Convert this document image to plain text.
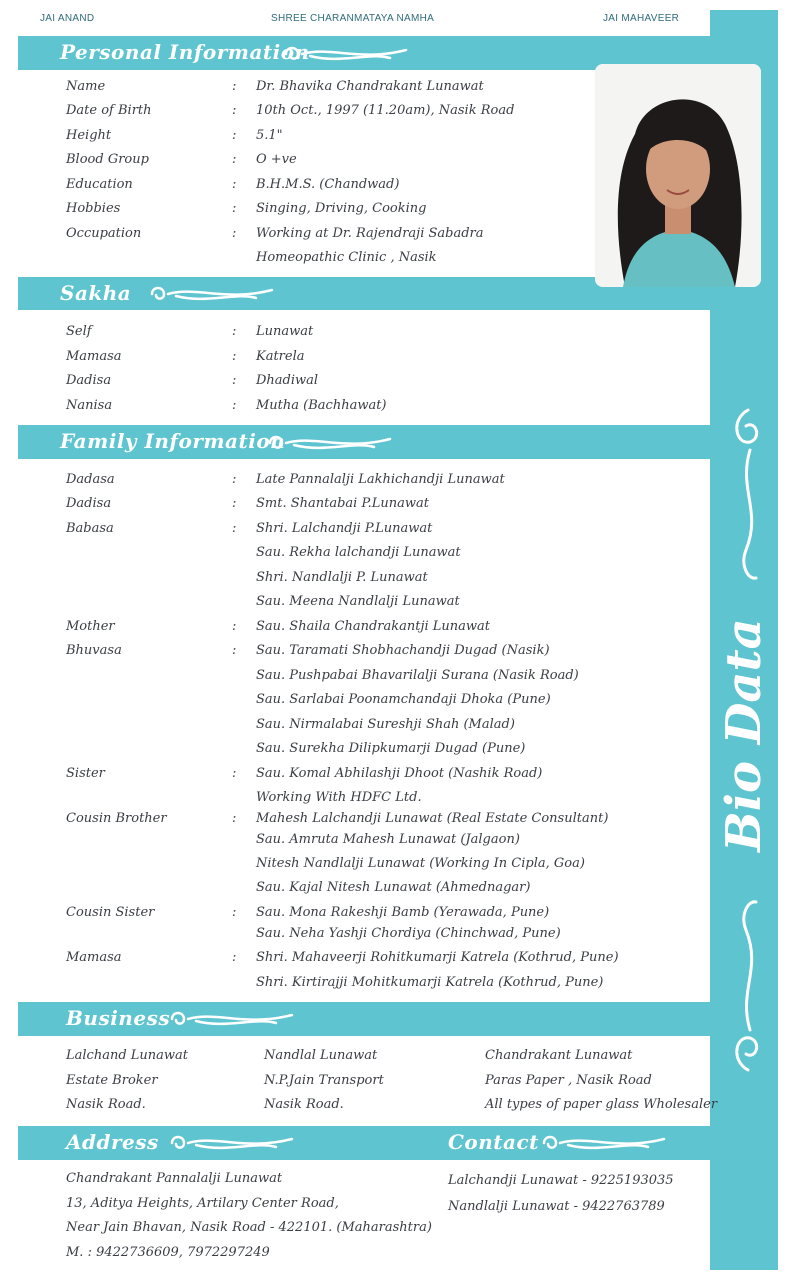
JAI ANAND	SHREE CHARANMATAYA NAMHA	JAI MAHAVEER
Bio Data
Personal Information
Sakha
Family Information
Business
Address	Contact
Name	: Dr. Bhavika Chandrakant Lunawat
Date of Birth	: 10th Oct., 1997 (11.20am), Nasik Road
Height	: 5.1"
Blood Group	: O +ve
Education	: B.H.M.S. (Chandwad)
Hobbies	: Singing, Driving, Cooking
Occupation	: Working at Dr. Rajendraji Sabadra
Homeopathic Clinic , Nasik
Self	: Lunawat
Mamasa	: Katrela
Dadisa	: Dhadiwal
Nanisa	: Mutha (Bachhawat)
Dadasa	: Late Pannalalji Lakhichandji Lunawat
Dadisa	: Smt. Shantabai P.Lunawat
Babasa	: Shri. Lalchandji P.Lunawat
Sau. Rekha lalchandji Lunawat
Shri. Nandlalji P. Lunawat
Sau. Meena Nandlalji Lunawat
Mother	: Sau. Shaila Chandrakantji Lunawat
Bhuvasa	: Sau. Taramati Shobhachandji Dugad (Nasik)
Sau. Pushpabai Bhavarilalji Surana (Nasik Road)
Sau. Sarlabai Poonamchandaji Dhoka (Pune)
Sau. Nirmalabai Sureshji Shah (Malad)
Sau. Surekha Dilipkumarji Dugad (Pune)
Sister	: Sau. Komal Abhilashji Dhoot (Nashik Road)
Working With HDFC Ltd.
Cousin Brother	: Mahesh Lalchandji Lunawat (Real Estate Consultant)
Sau. Amruta Mahesh Lunawat (Jalgaon)
Nitesh Nandlalji Lunawat (Working In Cipla, Goa)
Sau. Kajal Nitesh Lunawat (Ahmednagar)
Cousin Sister	: Sau. Mona Rakeshji Bamb (Yerawada, Pune)
Sau. Neha Yashji Chordiya (Chinchwad, Pune)
Mamasa	: Shri. Mahaveerji Rohitkumarji Katrela (Kothrud, Pune)
Shri. Kirtirajji Mohitkumarji Katrela (Kothrud, Pune)
Lalchand Lunawat
Estate Broker
Nasik Road.
Nandlal Lunawat
N.P.Jain Transport
Nasik Road.
Chandrakant Lunawat
Paras Paper , Nasik Road
All types of paper glass Wholesaler
Chandrakant Pannalalji Lunawat
13, Aditya Heights, Artilary Center Road,
Near Jain Bhavan, Nasik Road - 422101. (Maharashtra)
M. : 9422736609, 7972297249
Lalchandji Lunawat - 9225193035
Nandlalji Lunawat - 9422763789
